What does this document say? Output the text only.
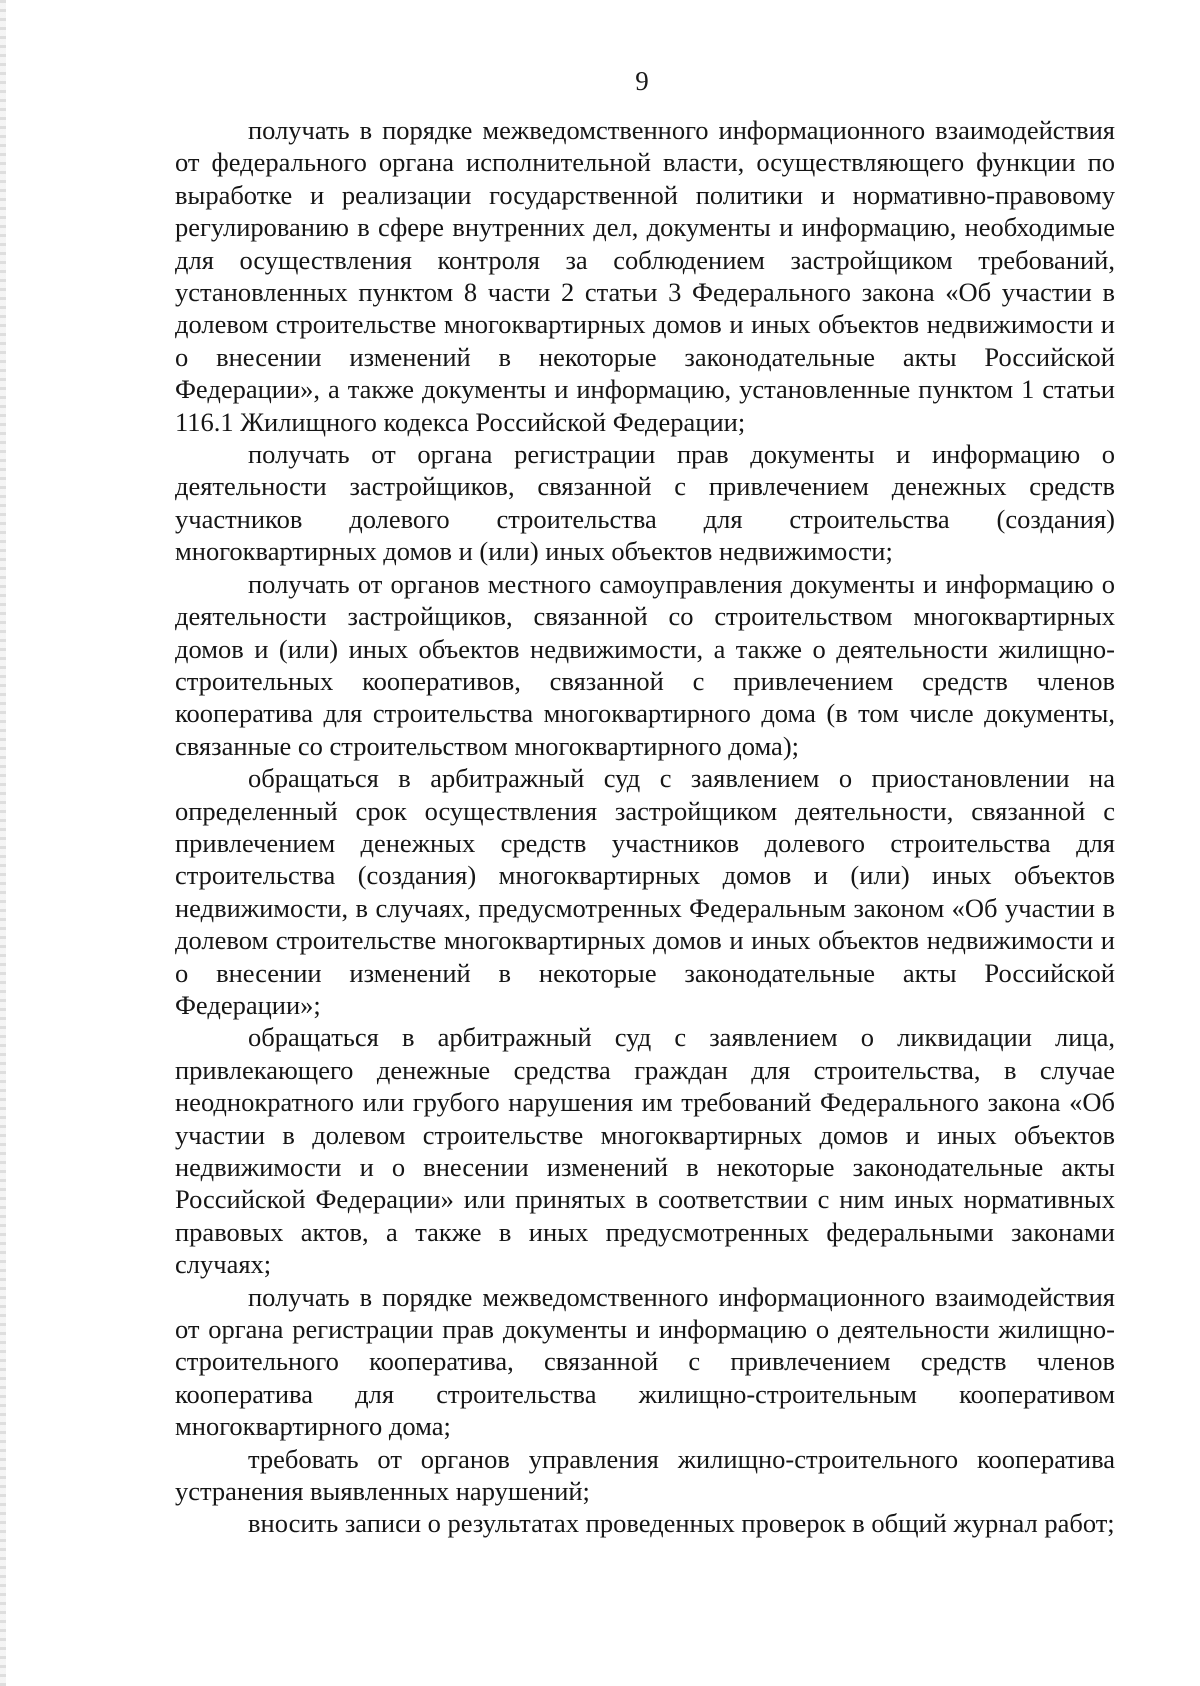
9

получать в порядке межведомственного информационного взаимодействия от федерального органа исполнительной власти, осуществляющего функции по выработке и реализации государственной политики и нормативно-правовому регулированию в сфере внутренних дел, документы и информацию, необходимые для осуществления контроля за соблюдением застройщиком требований, установленных пунктом 8 части 2 статьи 3 Федерального закона «Об участии в долевом строительстве многоквартирных домов и иных объектов недвижимости и о внесении изменений в некоторые законодательные акты Российской Федерации», а также документы и информацию, установленные пунктом 1 статьи 116.1 Жилищного кодекса Российской Федерации;

получать от органа регистрации прав документы и информацию о деятельности застройщиков, связанной с привлечением денежных средств участников долевого строительства для строительства (создания) многоквартирных домов и (или) иных объектов недвижимости;

получать от органов местного самоуправления документы и информацию о деятельности застройщиков, связанной со строительством многоквартирных домов и (или) иных объектов недвижимости, а также о деятельности жилищно-строительных кооперативов, связанной с привлечением средств членов кооператива для строительства многоквартирного дома (в том числе документы, связанные со строительством многоквартирного дома);

обращаться в арбитражный суд с заявлением о приостановлении на определенный срок осуществления застройщиком деятельности, связанной с привлечением денежных средств участников долевого строительства для строительства (создания) многоквартирных домов и (или) иных объектов недвижимости, в случаях, предусмотренных Федеральным законом «Об участии в долевом строительстве многоквартирных домов и иных объектов недвижимости и о внесении изменений в некоторые законодательные акты Российской Федерации»;

обращаться в арбитражный суд с заявлением о ликвидации лица, привлекающего денежные средства граждан для строительства, в случае неоднократного или грубого нарушения им требований Федерального закона «Об участии в долевом строительстве многоквартирных домов и иных объектов недвижимости и о внесении изменений в некоторые законодательные акты Российской Федерации» или принятых в соответствии с ним иных нормативных правовых актов, а также в иных предусмотренных федеральными законами случаях;

получать в порядке межведомственного информационного взаимодействия от органа регистрации прав документы и информацию о деятельности жилищно-строительного кооператива, связанной с привлечением средств членов кооператива для строительства жилищно-строительным кооперативом многоквартирного дома;

требовать от органов управления жилищно-строительного кооператива устранения выявленных нарушений;

вносить записи о результатах проведенных проверок в общий журнал работ;
